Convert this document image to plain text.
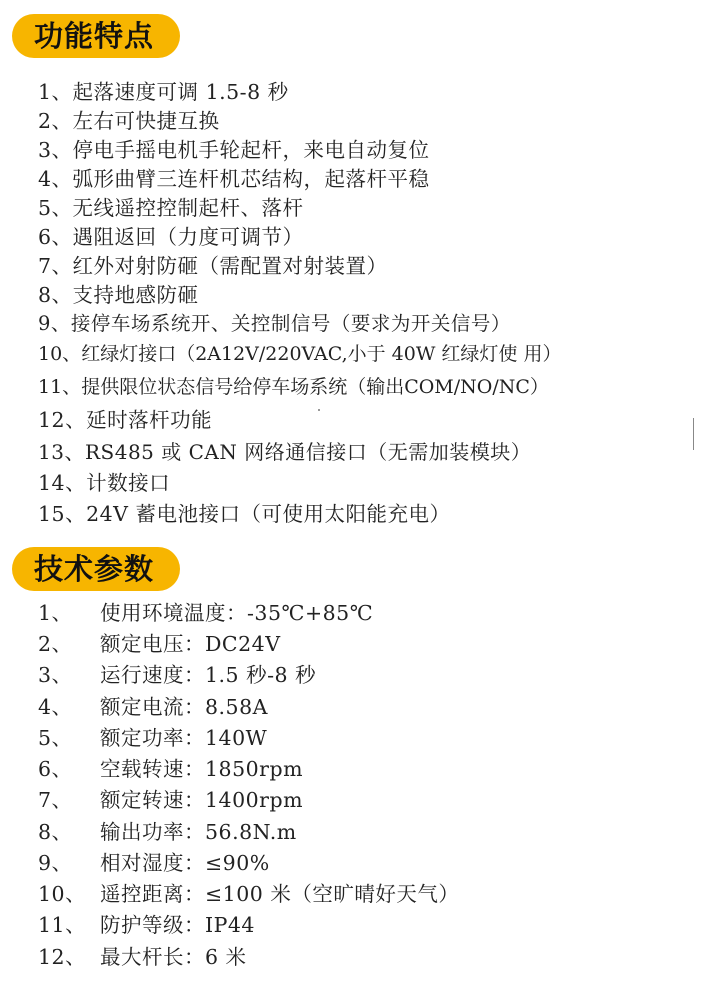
功能特点
1、起落速度可调 1.5-8 秒
2、左右可快捷互换
3、停电手摇电机手轮起杆，来电自动复位
4、弧形曲臂三连杆机芯结构，起落杆平稳
5、无线遥控控制起杆、落杆
6、遇阻返回（力度可调节）
7、红外对射防砸（需配置对射装置）
8、支持地感防砸
9、接停车场系统开、关控制信号（要求为开关信号）
10、红绿灯接口（2A12V/220VAC,小于 40W 红绿灯使 用）
11、提供限位状态信号给停车场系统（输出COM/NO/NC）
12、延时落杆功能
13、RS485 或 CAN 网络通信接口（无需加装模块）
14、计数接口
15、24V 蓄电池接口（可使用太阳能充电）
技术参数
1、 使用环境温度：-35℃+85℃
2、 额定电压：DC24V
3、 运行速度：1.5 秒-8 秒
4、 额定电流：8.58A
5、 额定功率：140W
6、 空载转速：1850rpm
7、 额定转速：1400rpm
8、 输出功率：56.8N.m
9、 相对湿度：≤90%
10、 遥控距离：≤100 米（空旷晴好天气）
11、 防护等级：IP44
12、 最大杆长：6 米
